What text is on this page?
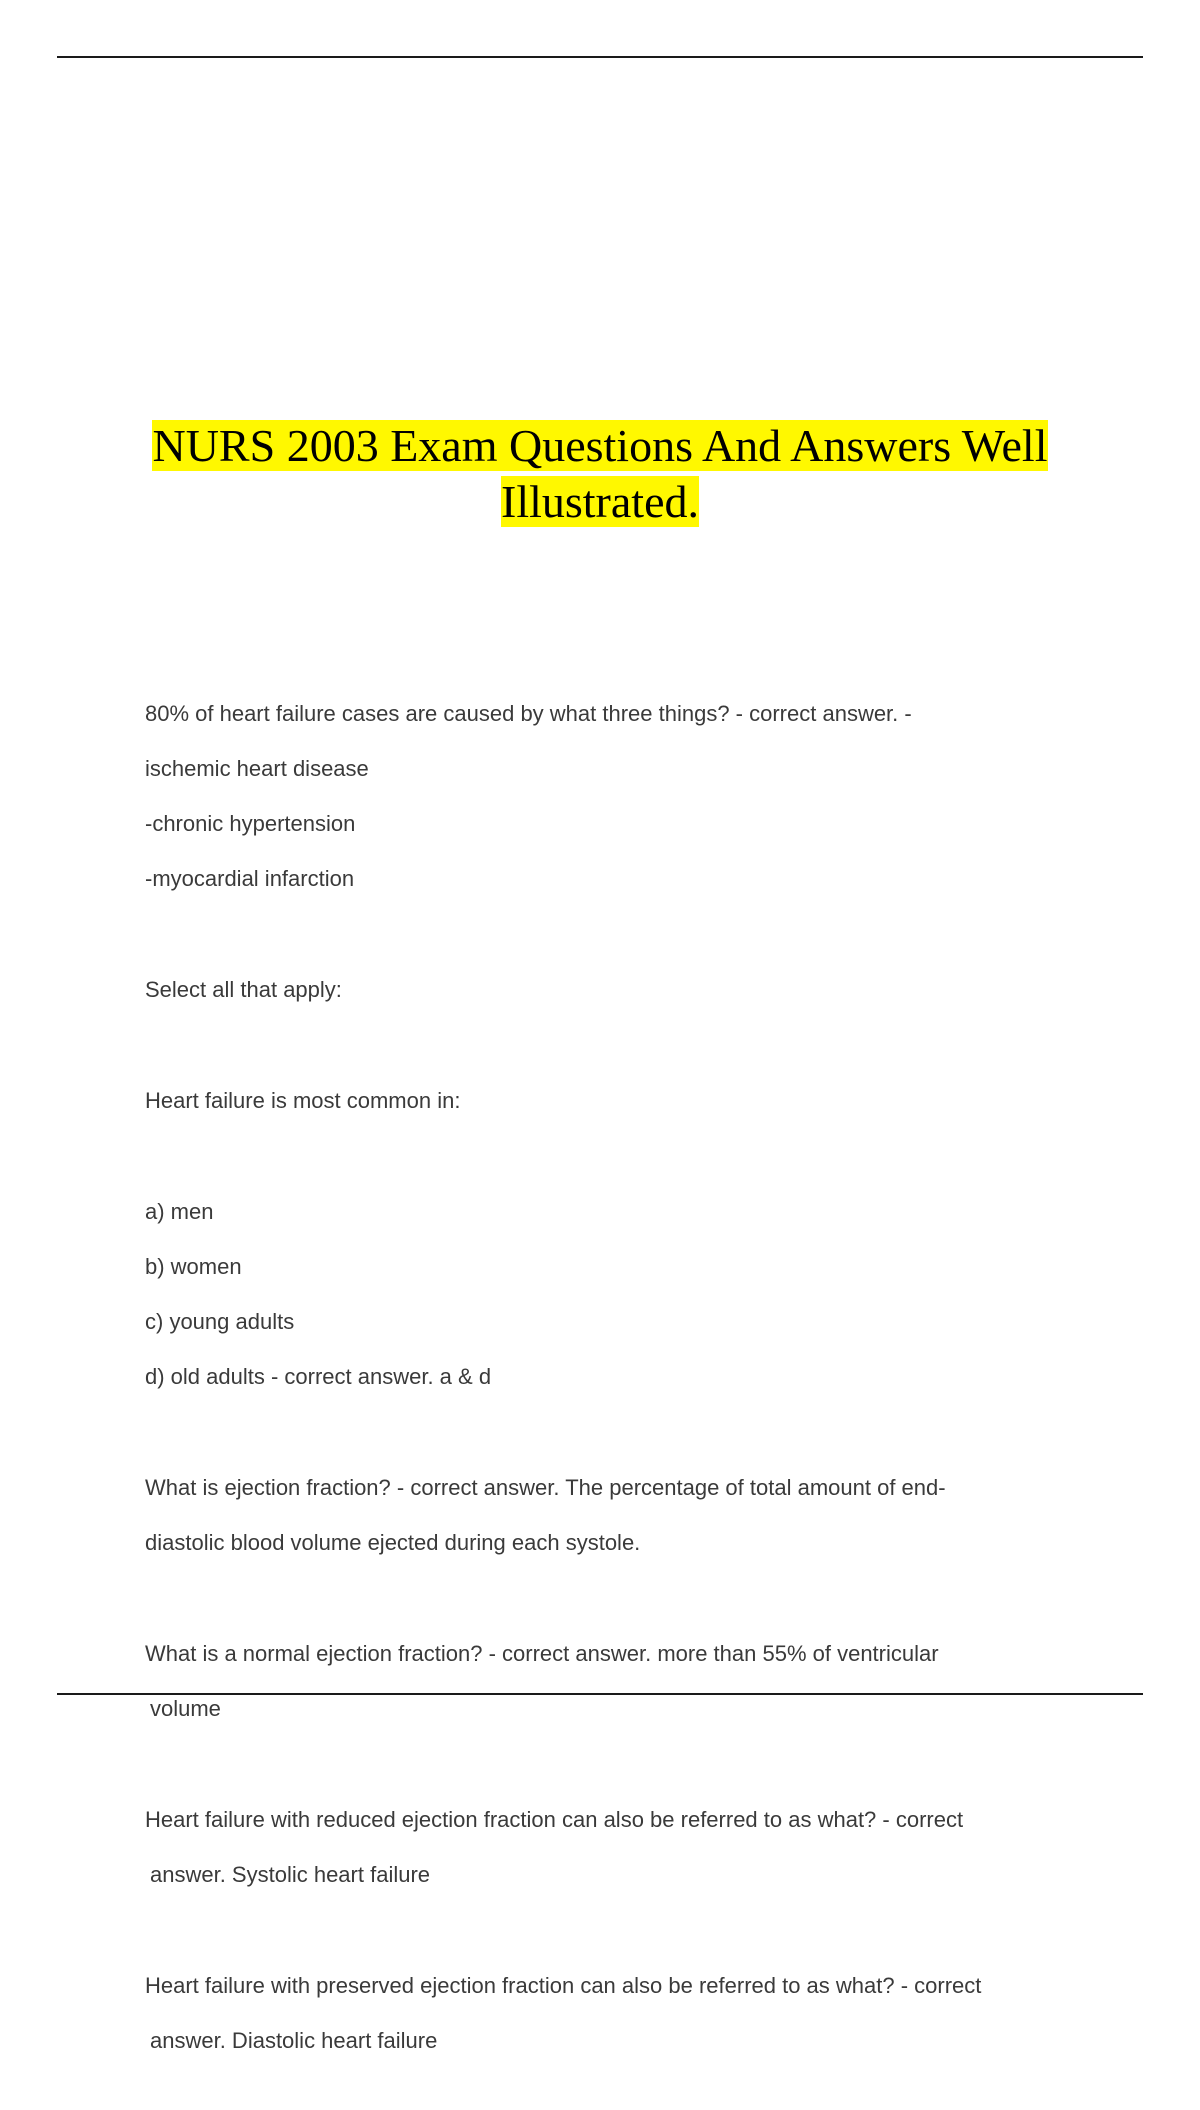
NURS 2003 Exam Questions And Answers Well
Illustrated.

80% of heart failure cases are caused by what three things? - correct answer. -

ischemic heart disease

-chronic hypertension

-myocardial infarction

Select all that apply:

Heart failure is most common in:

a) men

b) women

c) young adults

d) old adults - correct answer. a & d

What is ejection fraction? - correct answer. The percentage of total amount of end-

diastolic blood volume ejected during each systole.

What is a normal ejection fraction? - correct answer. more than 55% of ventricular

volume

Heart failure with reduced ejection fraction can also be referred to as what? - correct

answer. Systolic heart failure

Heart failure with preserved ejection fraction can also be referred to as what? - correct

answer. Diastolic heart failure
